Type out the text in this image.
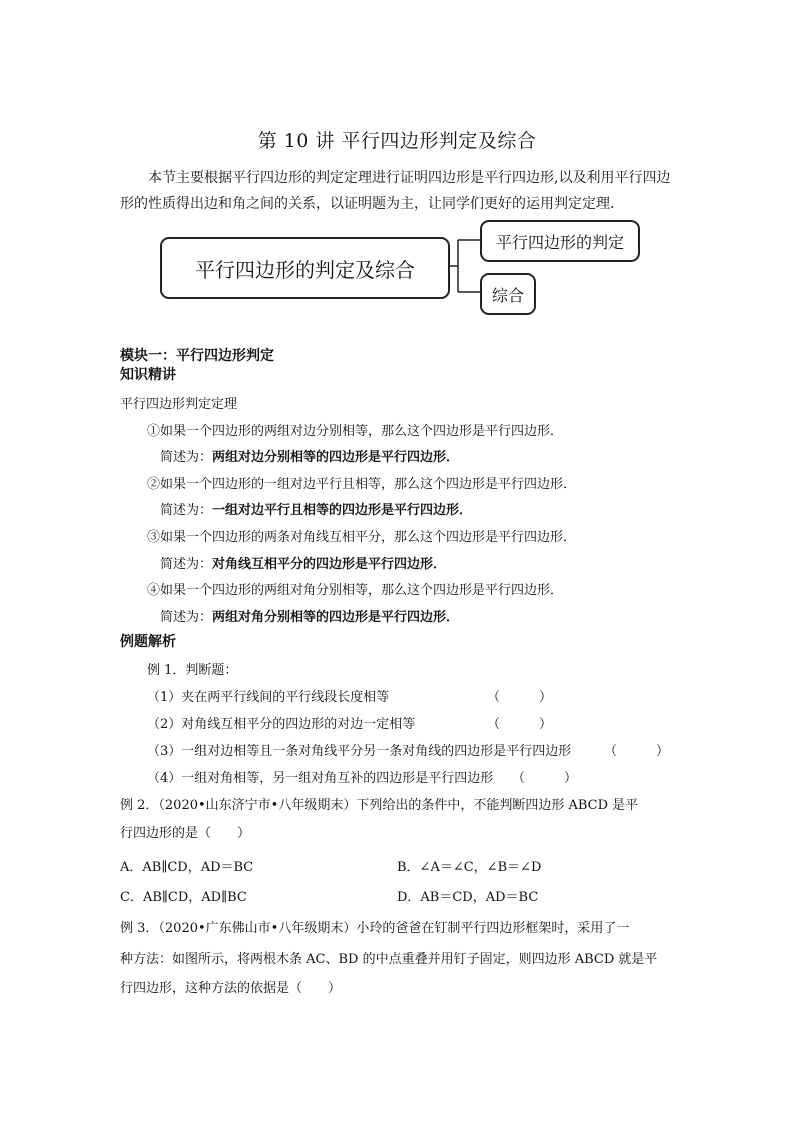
第 10 讲 平行四边形判定及综合

本节主要根据平行四边形的判定定理进行证明四边形是平行四边形,以及利用平行四边

形的性质得出边和角之间的关系，以证明题为主，让同学们更好的运用判定定理．

平行四边形的判定及综合
平行四边形的判定
综合
模块一：平行四边形判定
知识精讲
平行四边形判定定理
①如果一个四边形的两组对边分别相等，那么这个四边形是平行四边形．
简述为：两组对边分别相等的四边形是平行四边形．
②如果一个四边形的一组对边平行且相等，那么这个四边形是平行四边形．
简述为：一组对边平行且相等的四边形是平行四边形．
③如果一个四边形的两条对角线互相平分，那么这个四边形是平行四边形．
简述为：对角线互相平分的四边形是平行四边形．
④如果一个四边形的两组对角分别相等，那么这个四边形是平行四边形．
简述为：两组对角分别相等的四边形是平行四边形．
例题解析
例 1．判断题：
（1）夹在两平行线间的平行线段长度相等	（　　　）
（2）对角线互相平分的四边形的对边一定相等	（　　　）
（3）一组对边相等且一条对角线平分另一条对角线的四边形是平行四边形	（　　　）
（4）一组对角相等，另一组对角互补的四边形是平行四边形 （　　　）
例 2．（2020•山东济宁市•八年级期末）下列给出的条件中，不能判断四边形 ABCD 是平
行四边形的是（　　）
A．AB∥CD，AD＝BC	B．∠A＝∠C，∠B＝∠D
C．AB∥CD，AD∥BC	D．AB＝CD，AD＝BC
例 3．（2020•广东佛山市•八年级期末）小玲的爸爸在钉制平行四边形框架时，采用了一
种方法：如图所示，将两根木条 AC、BD 的中点重叠并用钉子固定，则四边形 ABCD 就是平
行四边形，这种方法的依据是（　　）
